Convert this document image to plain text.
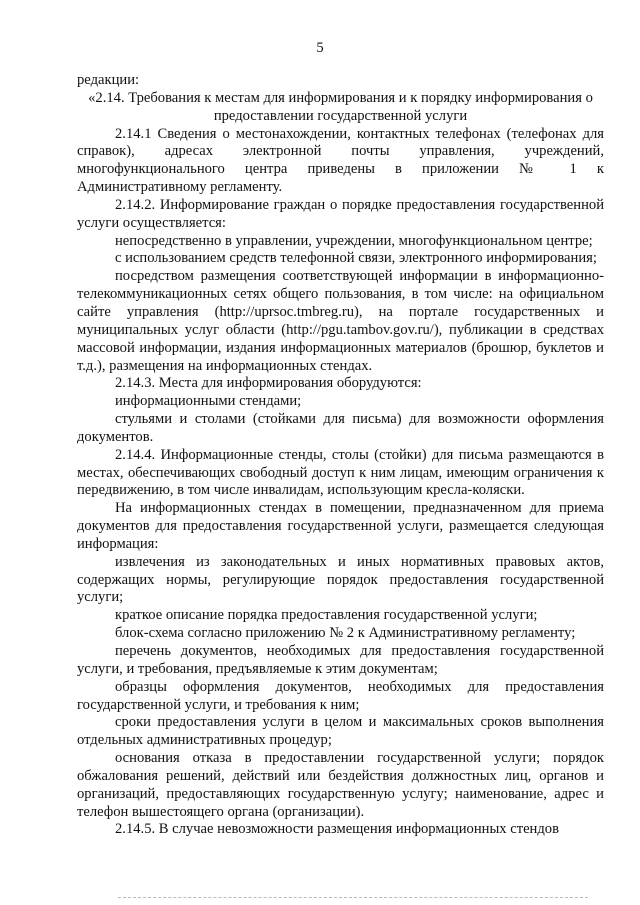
5

редакции:

«2.14. Требования к местам для информирования и к порядку информирования о предоставлении государственной услуги

2.14.1 Сведения о местонахождении, контактных телефонах (телефонах для справок), адресах электронной почты управления, учреждений, многофункционального центра приведены в приложении № 1 к Административному регламенту.

2.14.2. Информирование граждан о порядке предоставления государственной услуги осуществляется:

непосредственно в управлении, учреждении, многофункциональном центре;

с использованием средств телефонной связи, электронного информирования;

посредством размещения соответствующей информации в информационно-телекоммуникационных сетях общего пользования, в том числе: на официальном сайте управления (http://uprsoc.tmbreg.ru), на портале государственных и муниципальных услуг области (http://pgu.tambov.gov.ru/), публикации в средствах массовой информации, издания информационных материалов (брошюр, буклетов и т.д.), размещения на информационных стендах.

2.14.3. Места для информирования оборудуются:

информационными стендами;

стульями и столами (стойками для письма) для возможности оформления документов.

2.14.4. Информационные стенды, столы (стойки) для письма размещаются в местах, обеспечивающих свободный доступ к ним лицам, имеющим ограничения к передвижению, в том числе инвалидам, использующим кресла-коляски.

На информационных стендах в помещении, предназначенном для приема документов для предоставления государственной услуги, размещается следующая информация:

извлечения из законодательных и иных нормативных правовых актов, содержащих нормы, регулирующие порядок предоставления государственной услуги;

краткое описание порядка предоставления государственной услуги;

блок-схема согласно приложению № 2 к Административному регламенту;

перечень документов, необходимых для предоставления государственной услуги, и требования, предъявляемые к этим документам;

образцы оформления документов, необходимых для предоставления государственной услуги, и требования к ним;

сроки предоставления услуги в целом и максимальных сроков выполнения отдельных административных процедур;

основания отказа в предоставлении государственной услуги; порядок обжалования решений, действий или бездействия должностных лиц, органов и организаций, предоставляющих государственную услугу; наименование, адрес и телефон вышестоящего органа (организации).

2.14.5. В случае невозможности размещения информационных стендов
